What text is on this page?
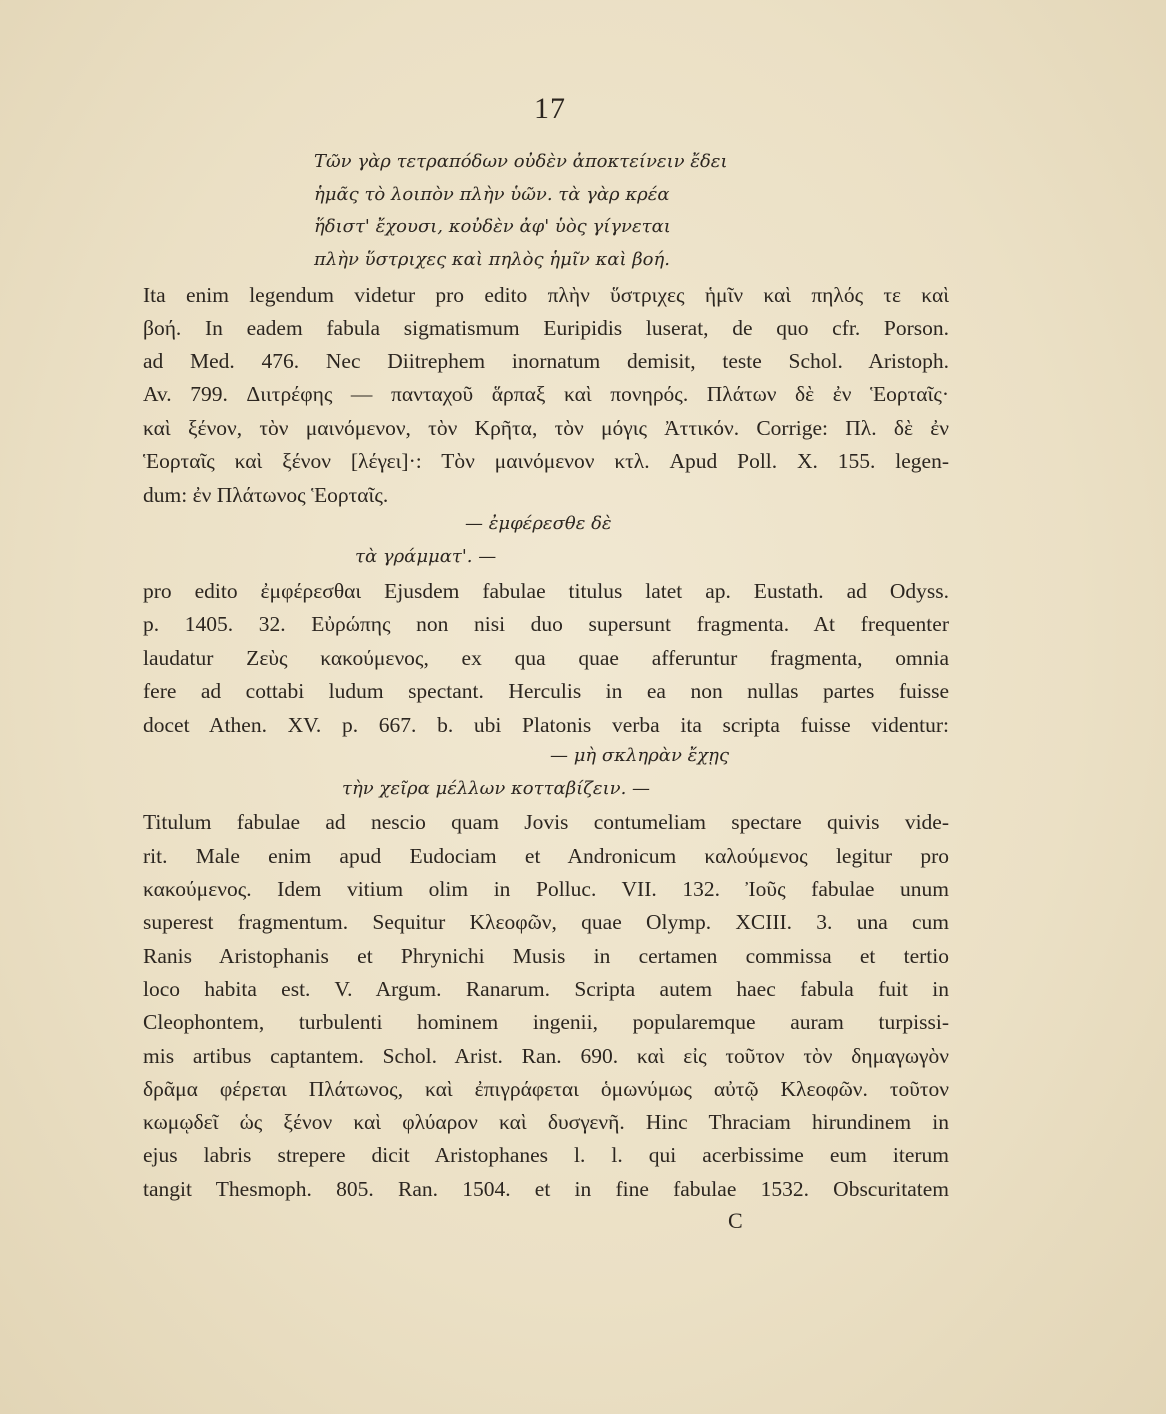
17
Τῶν γὰρ τετραπόδων οὐδὲν ἀποκτείνειν ἔδει
ἡμᾶς τὸ λοιπὸν πλὴν ὑῶν. τὰ γὰρ κρέα
ἥδιστ' ἔχουσι, κοὐδὲν ἀφ' ὑὸς γίγνεται
πλὴν ὕστριχες καὶ πηλὸς ἡμῖν καὶ βοή.
Ita enim legendum videtur pro edito πλὴν ὕστριχες ἡμῖν καὶ πηλός τε καὶ
βοή. In eadem fabula sigmatismum Euripidis luserat, de quo cfr. Porson.
ad Med. 476. Nec Diitrephem inornatum demisit, teste Schol. Aristoph.
Av. 799. Διιτρέφης — πανταχοῦ ἅρπαξ καὶ πονηρός. Πλάτων δὲ ἐν Ἑορταῖς·
καὶ ξένον, τὸν μαινόμενον, τὸν Κρῆτα, τὸν μόγις Ἀττικόν. Corrige: Πλ. δὲ ἐν
Ἑορταῖς καὶ ξένον [λέγει]·: Τὸν μαινόμενον κτλ. Apud Poll. X. 155. legen-
dum: ἐν Πλάτωνος Ἑορταῖς.
— ἐμφέρεσθε δὲ
τὰ γράμματ'. —
pro edito ἐμφέρεσθαι Ejusdem fabulae titulus latet ap. Eustath. ad Odyss.
p. 1405. 32. Εὐρώπης non nisi duo supersunt fragmenta. At frequenter
laudatur Ζεὺς κακούμενος, ex qua quae afferuntur fragmenta, omnia
fere ad cottabi ludum spectant. Herculis in ea non nullas partes fuisse
docet Athen. XV. p. 667. b. ubi Platonis verba ita scripta fuisse videntur:
— μὴ σκληρὰν ἔχῃς
τὴν χεῖρα μέλλων κοτταβίζειν. —
Titulum fabulae ad nescio quam Jovis contumeliam spectare quivis vide-
rit. Male enim apud Eudociam et Andronicum καλούμενος legitur pro
κακούμενος. Idem vitium olim in Polluc. VII. 132. Ἰοῦς fabulae unum
superest fragmentum. Sequitur Κλεοφῶν, quae Olymp. XCIII. 3. una cum
Ranis Aristophanis et Phrynichi Musis in certamen commissa et tertio
loco habita est. V. Argum. Ranarum. Scripta autem haec fabula fuit in
Cleophontem, turbulenti hominem ingenii, popularemque auram turpissi-
mis artibus captantem. Schol. Arist. Ran. 690. καὶ εἰς τοῦτον τὸν δημαγωγὸν
δρᾶμα φέρεται Πλάτωνος, καὶ ἐπιγράφεται ὁμωνύμως αὐτῷ Κλεοφῶν. τοῦτον
κωμῳδεῖ ὡς ξένον καὶ φλύαρον καὶ δυσγενῆ. Hinc Thraciam hirundinem in
ejus labris strepere dicit Aristophanes l. l. qui acerbissime eum iterum
tangit Thesmoph. 805. Ran. 1504. et in fine fabulae 1532. Obscuritatem
C
